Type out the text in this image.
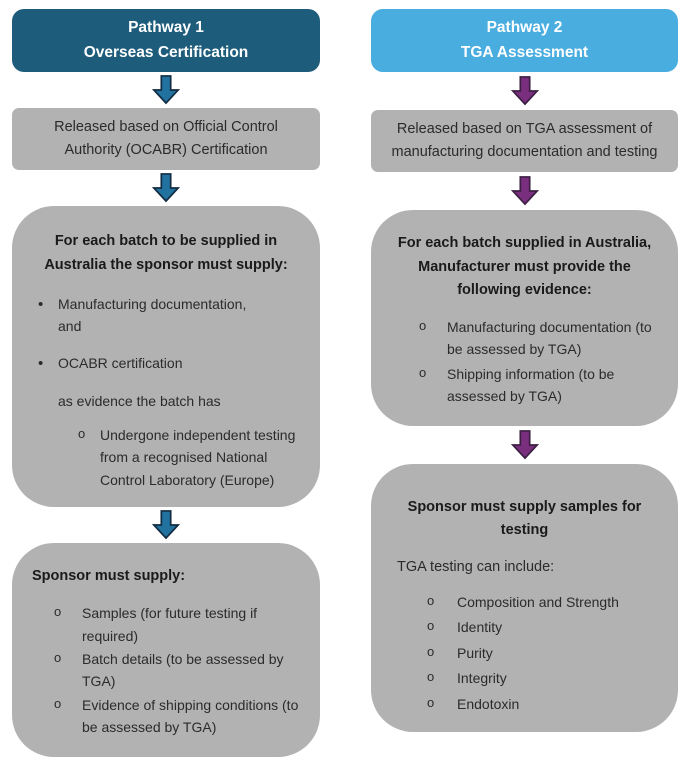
Pathway 1
Overseas Certification
Released based on Official Control Authority (OCABR) Certification
For each batch to be supplied in Australia the sponsor must supply:
•	Manufacturing documentation, and
•	OCABR certification
as evidence the batch has
o	Undergone independent testing from a recognised National Control Laboratory (Europe)
Sponsor must supply:
o	Samples (for future testing if required)
o	Batch details (to be assessed by TGA)
o	Evidence of shipping conditions (to be assessed by TGA)
Pathway 2
TGA Assessment
Released based on TGA assessment of manufacturing documentation and testing
For each batch supplied in Australia, Manufacturer must provide the following evidence:
o	Manufacturing documentation (to be assessed by TGA)
o	Shipping information (to be assessed by TGA)
Sponsor must supply samples for testing
TGA testing can include:
o	Composition and Strength
o	Identity
o	Purity
o	Integrity
o	Endotoxin
